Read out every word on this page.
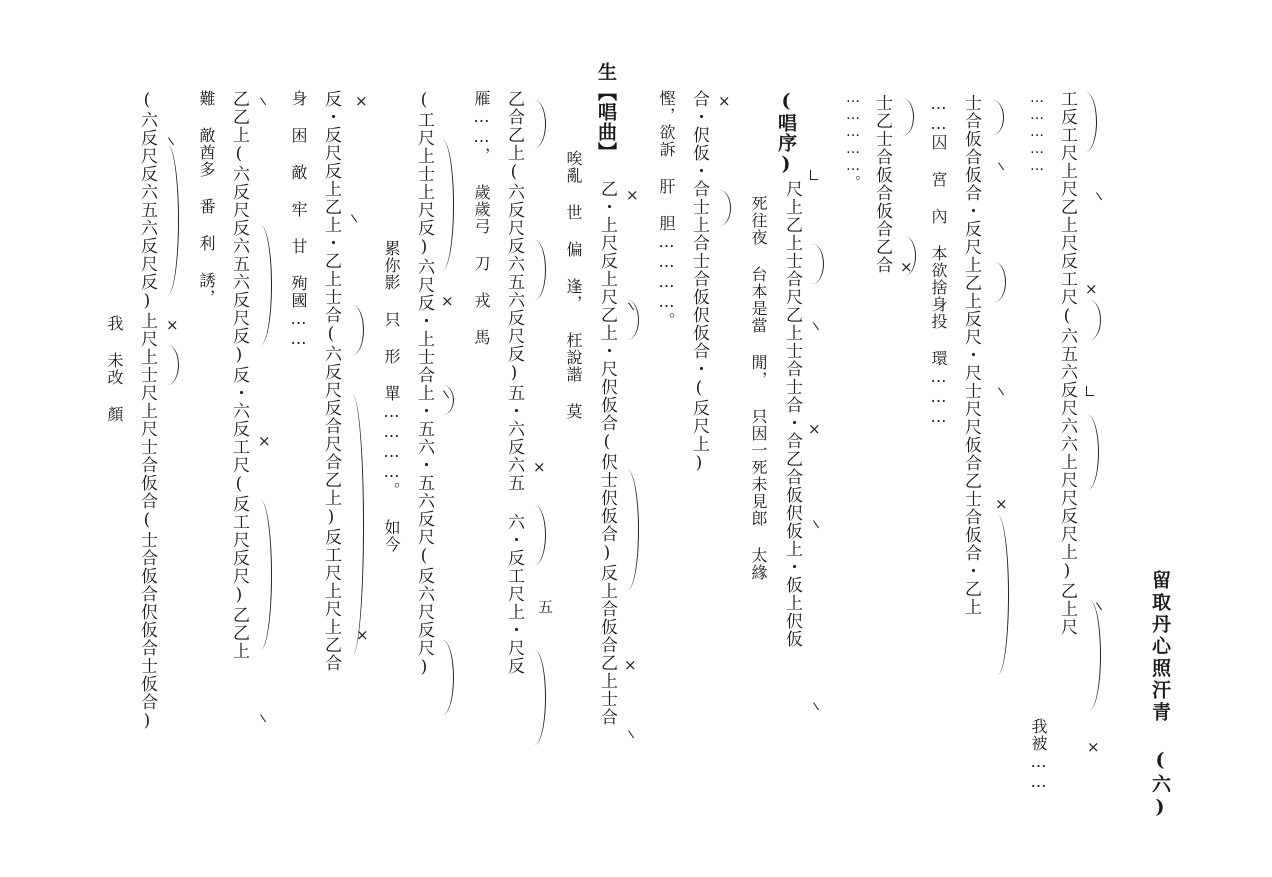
留取丹心照汗青 (六)
工反工尺上尺乙上尺反工尺(六五六反尺六六上尺尺反尺上)乙上尺
我被……
……………
士合仮合仮合・反尺上乙上反尺・尺士尺尺仮合乙士合仮合・乙上
……囚 宮 內 本欲捨身投 環………
士乙士合仮合仮合乙合
……………。
尺上乙上士合尺乙上士合士合・合乙合仮伬仮上・仮上伬仮
死往夜 台本是當 閒， 只因一死未見郎 太緣
(唱序)
合・伬仮・合士上合士合仮伬仮合・(反尺上)
慳，欲訴 肝 胆…………。
乙・上尺反上尺乙上・尺伬仮合(伬士伬仮合)反上合仮合乙上士合
生【唱曲】
唉亂 世 偏 逢， 枉說諧 莫
乙合乙上(六反尺反六五六反尺反)五・六反六五 六・反工尺上・尺反
雁……， 歲歲弓 刀 戎 馬
(工尺上士上尺反)六尺反・上士合上・五六・五六反尺(反六尺反尺)
累你影 只 形 單…………。 如今
反・反尺反上乙上・乙上士合(六反尺反合尺合乙上)反工尺上尺上乙合
身 困 敵 牢 甘 殉國……
乙乙上(六反尺反六五六反尺反)反・六反工尺(反工尺反尺)乙乙上
難 敵酋多 番 利 誘，
(六反尺反六五六反尺反)上尺上士尺上尺士合仮合(士合仮合伬仮合士仮合)
我 未改 顏
五
×
×
×
×
×
×
×
×
×
×
×
×
×
×
